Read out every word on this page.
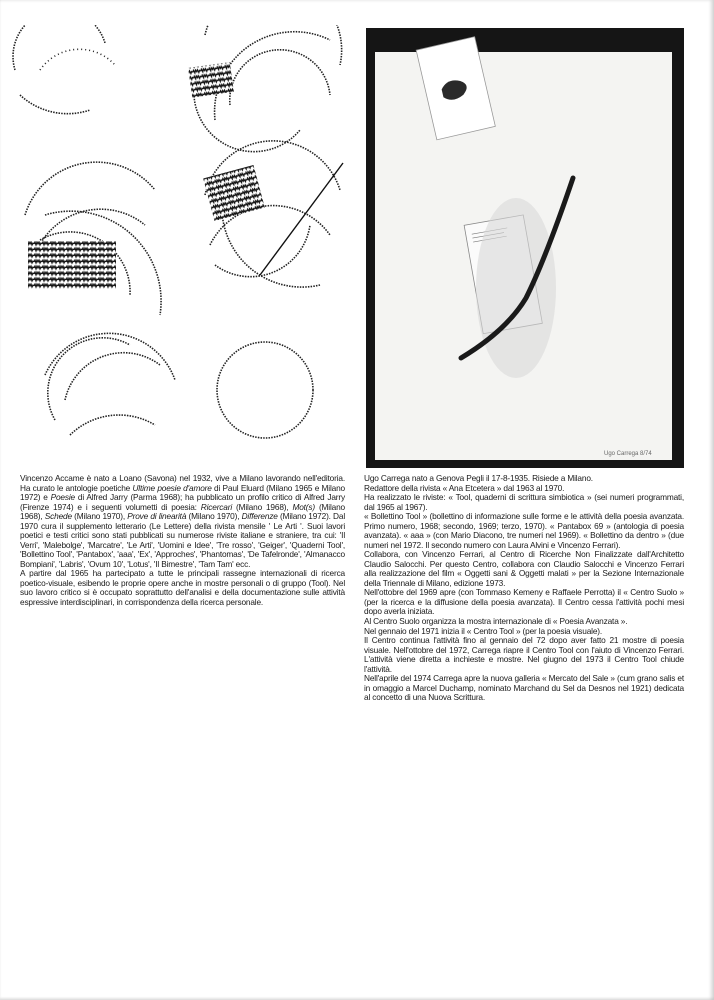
Ugo Carrega 8/74

Vincenzo Accame è nato a Loano (Savona) nel 1932, vive a Milano lavorando nell'editoria. Ha curato le antologie poetiche Ultime poesie d'amore di Paul Eluard (Milano 1965 e Milano 1972) e Poesie di Alfred Jarry (Parma 1968); ha pubblicato un profilo critico di Alfred Jarry (Firenze 1974) e i seguenti volumetti di poesia: Ricercari (Milano 1968), Mot(s) (Milano 1968), Schede (Milano 1970), Prove di linearità (Milano 1970), Differenze (Milano 1972). Dal 1970 cura il supplemento letterario (Le Lettere) della rivista mensile ' Le Arti '. Suoi lavori poetici e testi critici sono stati pubblicati su numerose riviste italiane e straniere, tra cui: 'Il Verri', 'Malebolge', 'Marcatre', 'Le Arti', 'Uomini e Idee', 'Tre rosso', 'Geiger', 'Quaderni Tool', 'Bollettino Tool', 'Pantabox', 'aaa', 'Ex', 'Approches', 'Phantomas', 'De Tafelronde', 'Almanacco Bompiani', 'Labris', 'Ovum 10', 'Lotus', 'Il Bimestre', 'Tam Tam' ecc.

A partire dal 1965 ha partecipato a tutte le principali rassegne internazionali di ricerca poetico-visuale, esibendo le proprie opere anche in mostre personali o di gruppo (Tool). Nel suo lavoro critico si è occupato soprattutto dell'analisi e della documentazione sulle attività espressive interdisciplinari, in corrispondenza della ricerca personale.

Ugo Carrega nato a Genova Pegli il 17-8-1935. Risiede a Milano.

Redattore della rivista « Ana Etcetera » dal 1963 al 1970.

Ha realizzato le riviste: « Tool, quaderni di scrittura simbiotica » (sei numeri programmati, dal 1965 al 1967).

« Bollettino Tool » (bollettino di informazione sulle forme e le attività della poesia avanzata. Primo numero, 1968; secondo, 1969; terzo, 1970). « Pantabox 69 » (antologia di poesia avanzata). « aaa » (con Mario Diacono, tre numeri nel 1969). « Bollettino da dentro » (due numeri nel 1972. Il secondo numero con Laura Alvini e Vincenzo Ferrari).

Collabora, con Vincenzo Ferrari, al Centro di Ricerche Non Finalizzate dall'Architetto Claudio Salocchi. Per questo Centro, collabora con Claudio Salocchi e Vincenzo Ferrari alla realizzazione del film « Oggetti sani & Oggetti malati » per la Sezione Internazionale della Triennale di Milano, edizione 1973.

Nell'ottobre del 1969 apre (con Tommaso Kemeny e Raffaele Perrotta) il « Centro Suolo » (per la ricerca e la diffusione della poesia avanzata). Il Centro cessa l'attività pochi mesi dopo averla iniziata.

Al Centro Suolo organizza la mostra internazionale di « Poesia Avanzata ».

Nel gennaio del 1971 inizia il « Centro Tool » (per la poesia visuale).

Il Centro continua l'attività fino al gennaio del 72 dopo aver fatto 21 mostre di poesia visuale. Nell'ottobre del 1972, Carrega riapre il Centro Tool con l'aiuto di Vincenzo Ferrari. L'attività viene diretta a inchieste e mostre. Nel giugno del 1973 il Centro Tool chiude l'attività.

Nell'aprile del 1974 Carrega apre la nuova galleria « Mercato del Sale » (cum grano salis et in omaggio a Marcel Duchamp, nominato Marchand du Sel da Desnos nel 1921) dedicata al concetto di una Nuova Scrittura.
